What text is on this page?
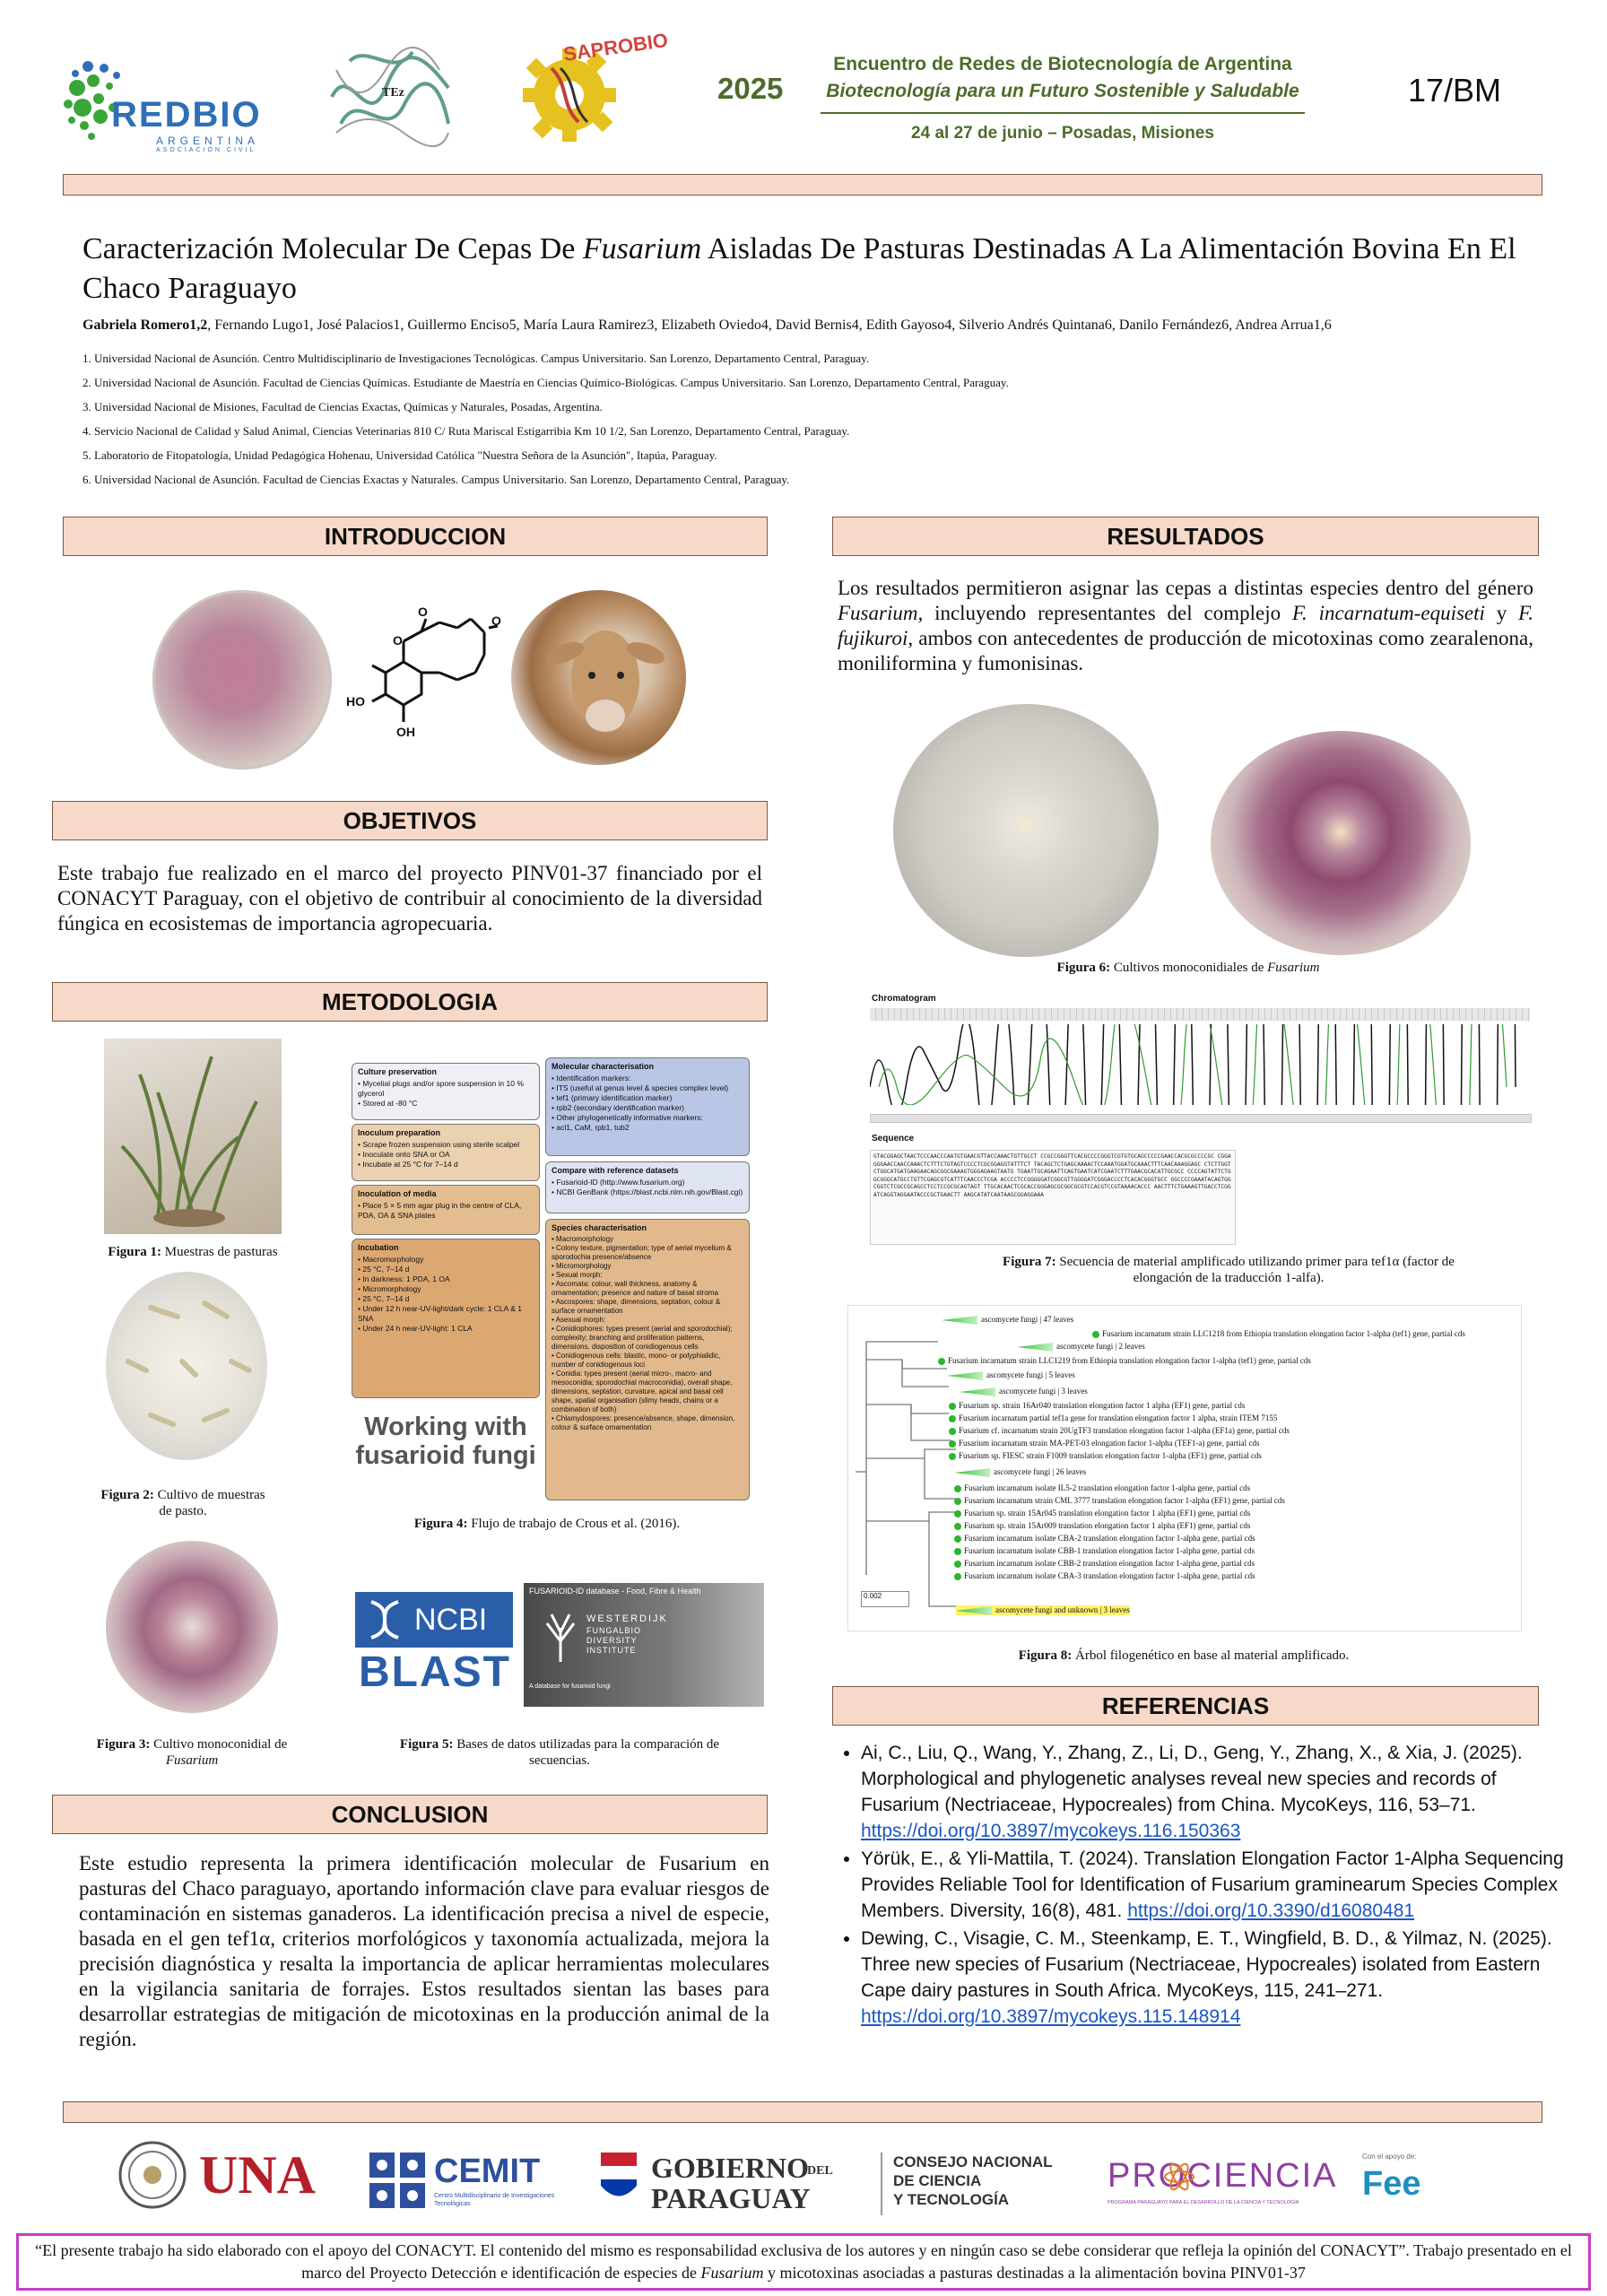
REDBIO
ARGENTINA
ASOCIACIÓN CIVIL
TEz
SAPROBIO
2025
Encuentro de Redes de Biotecnología de Argentina
Biotecnología para un Futuro Sostenible y Saludable
24 al 27 de junio – Posadas, Misiones
17/BM
Caracterización Molecular De Cepas De Fusarium Aisladas De Pasturas Destinadas A La Alimentación Bovina En El Chaco Paraguayo
Gabriela Romero1,2, Fernando Lugo1, José Palacios1, Guillermo Enciso5, María Laura Ramirez3, Elizabeth Oviedo4, David Bernis4, Edith Gayoso4, Silverio Andrés Quintana6, Danilo Fernández6, Andrea Arrua1,6
1. Universidad Nacional de Asunción. Centro Multidisciplinario de Investigaciones Tecnológicas. Campus Universitario. San Lorenzo, Departamento Central, Paraguay.
2. Universidad Nacional de Asunción. Facultad de Ciencias Químicas. Estudiante de Maestría en Ciencias Químico-Biológicas. Campus Universitario. San Lorenzo, Departamento Central, Paraguay.
3. Universidad Nacional de Misiones, Facultad de Ciencias Exactas, Químicas y Naturales, Posadas, Argentina.
4. Servicio Nacional de Calidad y Salud Animal, Ciencias Veterinarias 810 C/ Ruta Mariscal Estigarribia Km 10 1/2, San Lorenzo, Departamento Central, Paraguay.
5. Laboratorio de Fitopatología, Unidad Pedagógica Hohenau, Universidad Católica "Nuestra Señora de la Asunción", Itapúa, Paraguay.
6. Universidad Nacional de Asunción. Facultad de Ciencias Exactas y Naturales. Campus Universitario. San Lorenzo, Departamento Central, Paraguay.
INTRODUCCION
O
O
O
HO
OH
OBJETIVOS
Este trabajo fue realizado en el marco del proyecto PINV01-37 financiado por el CONACYT Paraguay, con el objetivo de contribuir al conocimiento de la diversidad fúngica en ecosistemas de importancia agropecuaria.
METODOLOGIA
Figura 1: Muestras de pasturas
Figura 2: Cultivo de muestras de pasto.
Figura 3: Cultivo monoconidial de Fusarium
Culture preservation
• Mycelial plugs and/or spore suspension in 10 % glycerol
• Stored at -80 °C
Inoculum preparation
• Scrape frozen suspension using sterile scalpel
• Inoculate onto SNA or OA
• Incubate at 25 °C for 7–14 d
Inoculation of media
• Place 5 × 5 mm agar plug in the centre of CLA, PDA, OA & SNA plates
Incubation
• Macromorphology
• 25 °C, 7–14 d
• In darkness: 1 PDA, 1 OA
• Micromorphology
• 25 °C, 7–14 d
• Under 12 h near-UV-light/dark cycle: 1 CLA & 1 SNA
• Under 24 h near-UV-light: 1 CLA
Working with fusarioid fungi
Molecular characterisation
• Identification markers:
• ITS (useful at genus level & species complex level)
• tef1 (primary identification marker)
• rpb2 (secondary identification marker)
• Other phylogenetically informative markers:
• acl1, CaM, rpb1, tub2
Compare with reference datasets
• Fusarioid-ID (http://www.fusarium.org)
• NCBI GenBank (https://blast.ncbi.nlm.nih.gov/Blast.cgi)
Species characterisation
• Macromorphology
• Colony texture, pigmentation; type of aerial mycelium & sporodochia presence/absence
• Micromorphology
• Sexual morph:
• Ascomata: colour, wall thickness, anatomy & ornamentation; presence and nature of basal stroma
• Ascospores: shape, dimensions, septation, colour & surface ornamentation
• Asexual morph:
• Conidiophores: types present (aerial and sporodochial); complexity; branching and proliferation patterns, dimensions, disposition of conidiogenous cells
• Conidiogenous cells: blastic, mono- or polyphialidic, number of conidiogenous loci
• Conidia: types present (aerial micro-, macro- and mesoconidia; sporodochial macroconidia), overall shape, dimensions, septation, curvature, apical and basal cell shape, spatial organisation (slimy heads, chains or a combination of both)
• Chlamydospores: presence/absence, shape, dimension, colour & surface ornamentation
Figura 4: Flujo de trabajo de Crous et al. (2016).
NCBI
BLAST
FUSARIOID-ID database - Food, Fibre & Health
WESTERDIJK
FUNGALBIO DIVERSITY INSTITUTE
A database for fusarioid fungi
Figura 5: Bases de datos utilizadas para la comparación de secuencias.
CONCLUSION
Este estudio representa la primera identificación molecular de Fusarium en pasturas del Chaco paraguayo, aportando información clave para evaluar riesgos de contaminación en sistemas ganaderos. La identificación precisa a nivel de especie, basada en el gen tef1α, criterios morfológicos y taxonomía actualizada, mejora la precisión diagnóstica y resalta la importancia de aplicar herramientas moleculares en la vigilancia sanitaria de forrajes. Estos resultados sientan las bases para desarrollar estrategias de mitigación de micotoxinas en la producción animal de la región.
RESULTADOS
Los resultados permitieron asignar las cepas a distintas especies dentro del género Fusarium, incluyendo representantes del complejo F. incarnatum-equiseti y F. fujikuroi, ambos con antecedentes de producción de micotoxinas como zearalenona, moniliformina y fumonisinas.
Figura 6: Cultivos monoconidiales de Fusarium
Chromatogram
Sequence
GTACGGAGCTAACTCCCAACCCAATGTGAACGTTACCAAACTGTTGCCT CCGCCGGGTTCACGCCCCGGGTCGTGTGCAGCCCCCGAACCACGCGCCCCGC CGGAGGGAACCAACCAAACTCTTTCTGTAGTCCCCTCGCGGAGGTATTTCT TACAGCTCTGAGCAAAACTCCAAATGGATGCAAACTTTCAACAAAGGAGC CTCTTGGTCTGGCATGATGAAGAACAGCGGCGAAAGTGGGAGAAGTAATG TGAATTGCAGAATTCAGTGAATCATCGAATCTTTGAACGCACATTGCGCC CCCCAGTATTCTGGCGGGCATGCCTGTTCGAGCGTCATTTCAACCCTCGA ACCCCTCCGGGGGATCGGCGTTGGGGATCGGGACCCCTCACACGGGTGCC GGCCCCGAAATACAGTGGCGGTCTCGCCGCAGCCTCCTCCGCGCAGTAGT TTGCACAACTCGCACCGGGAGCGCGGCGCGTCCACGTCCGTAAAACACCC AACTTTCTGAAAGTTGACCTCGGATCAGGTAGGAATACCCGCTGAACTT AAGCATATCAATAAGCGGAGGAAA
Figura 7: Secuencia de material amplificado utilizando primer para tef1α (factor de elongación de la traducción 1-alfa).
ascomycete fungi | 47 leaves
Fusarium incarnatum strain LLC1218 from Ethiopia translation elongation factor 1-alpha (tef1) gene, partial cds
ascomycete fungi | 2 leaves
Fusarium incarnatum strain LLC1219 from Ethiopia translation elongation factor 1-alpha (tef1) gene, partial cds
ascomycete fungi | 5 leaves
ascomycete fungi | 3 leaves
Fusarium sp. strain 16Ar040 translation elongation factor 1 alpha (EF1) gene, partial cds
Fusarium incarnatum partial tef1a gene for translation elongation factor 1 alpha, strain ITEM 7155
Fusarium cf. incarnatum strain 20UgTF3 translation elongation factor 1-alpha (EF1a) gene, partial cds
Fusarium incarnatum strain MA-PET-03 elongation factor 1-alpha (TEF1-a) gene, partial cds
Fusarium sp. FIESC strain F1009 translation elongation factor 1-alpha (EF1) gene, partial cds
ascomycete fungi | 26 leaves
Fusarium incarnatum isolate IL5-2 translation elongation factor 1-alpha gene, partial cds
Fusarium incarnatum strain CML 3777 translation elongation factor 1-alpha (EF1) gene, partial cds
Fusarium sp. strain 15Ar045 translation elongation factor 1 alpha (EF1) gene, partial cds
Fusarium sp. strain 15Ar009 translation elongation factor 1 alpha (EF1) gene, partial cds
Fusarium incarnatum isolate CBA-2 translation elongation factor 1-alpha gene, partial cds
Fusarium incarnatum isolate CBB-1 translation elongation factor 1-alpha gene, partial cds
Fusarium incarnatum isolate CBB-2 translation elongation factor 1-alpha gene, partial cds
Fusarium incarnatum isolate CBA-3 translation elongation factor 1-alpha gene, partial cds
ascomycete fungi and unknown | 3 leaves
0.002
Figura 8: Árbol filogenético en base al material amplificado.
REFERENCIAS
• Ai, C., Liu, Q., Wang, Y., Zhang, Z., Li, D., Geng, Y., Zhang, X., & Xia, J. (2025). Morphological and phylogenetic analyses reveal new species and records of Fusarium (Nectriaceae, Hypocreales) from China. MycoKeys, 116, 53–71. https://doi.org/10.3897/mycokeys.116.150363
• Yörük, E., & Yli-Mattila, T. (2024). Translation Elongation Factor 1-Alpha Sequencing Provides Reliable Tool for Identification of Fusarium graminearum Species Complex Members. Diversity, 16(8), 481. https://doi.org/10.3390/d16080481
• Dewing, C., Visagie, C. M., Steenkamp, E. T., Wingfield, B. D., & Yilmaz, N. (2025). Three new species of Fusarium (Nectriaceae, Hypocreales) isolated from Eastern Cape dairy pastures in South Africa. MycoKeys, 115, 241–271. https://doi.org/10.3897/mycokeys.115.148914
UNA	CEMIT
Centro Multidisciplinario de Investigaciones Tecnológicas
GOBIERNO
DEL
PARAGUAY
CONSEJO NACIONAL
DE CIENCIA
Y TECNOLOGÍA
PROCIENCIA
PROGRAMA PARAGUAYO PARA EL DESARROLLO DE LA CIENCIA Y TECNOLOGÍA
Con el apoyo de:
Fee
“El presente trabajo ha sido elaborado con el apoyo del CONACYT. El contenido del mismo es responsabilidad exclusiva de los autores y en ningún caso se debe considerar que refleja la opinión del CONACYT”. Trabajo presentado en el marco del Proyecto Detección e identificación de especies de Fusarium y micotoxinas asociadas a pasturas destinadas a la alimentación bovina PINV01-37
